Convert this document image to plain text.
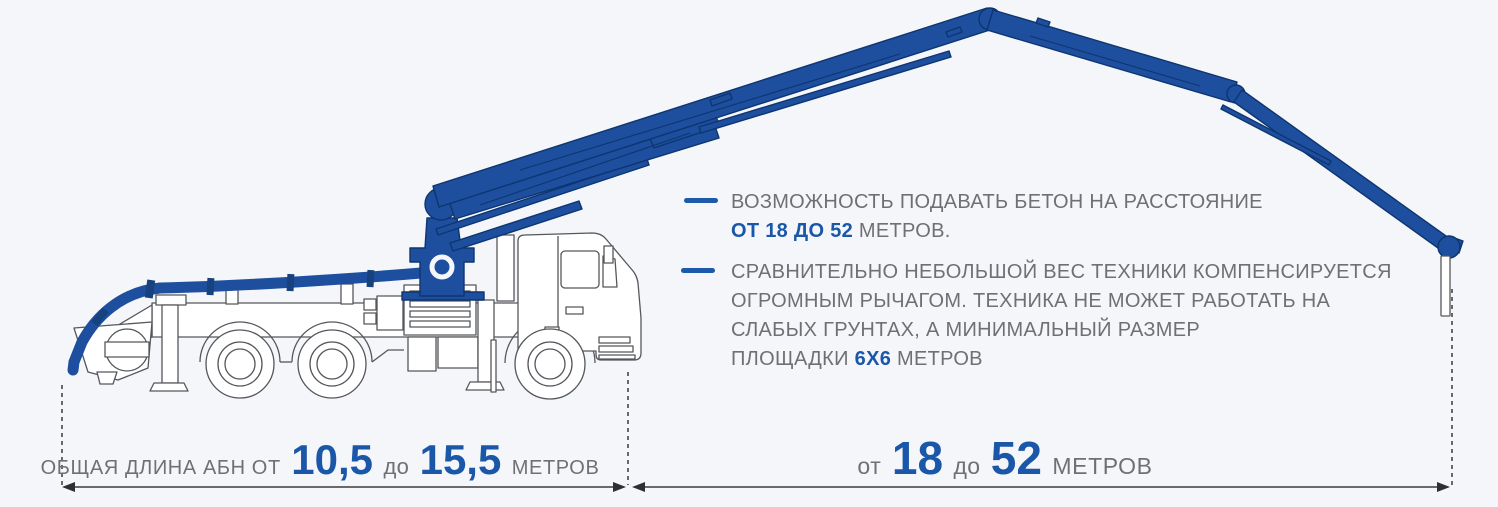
ВОЗМОЖНОСТЬ ПОДАВАТЬ БЕТОН НА РАССТОЯНИЕ
ОТ 18 ДО 52 МЕТРОВ.
СРАВНИТЕЛЬНО НЕБОЛЬШОЙ ВЕС ТЕХНИКИ КОМПЕНСИРУЕТСЯ
ОГРОМНЫМ РЫЧАГОМ. ТЕХНИКА НЕ МОЖЕТ РАБОТАТЬ НА
СЛАБЫХ ГРУНТАХ, А МИНИМАЛЬНЫЙ РАЗМЕР
ПЛОЩАДКИ 6Х6 МЕТРОВ
ОБЩАЯ ДЛИНА АБН ОТ 10,5 до 15,5 МЕТРОВ	от 18 до 52 МЕТРОВ
